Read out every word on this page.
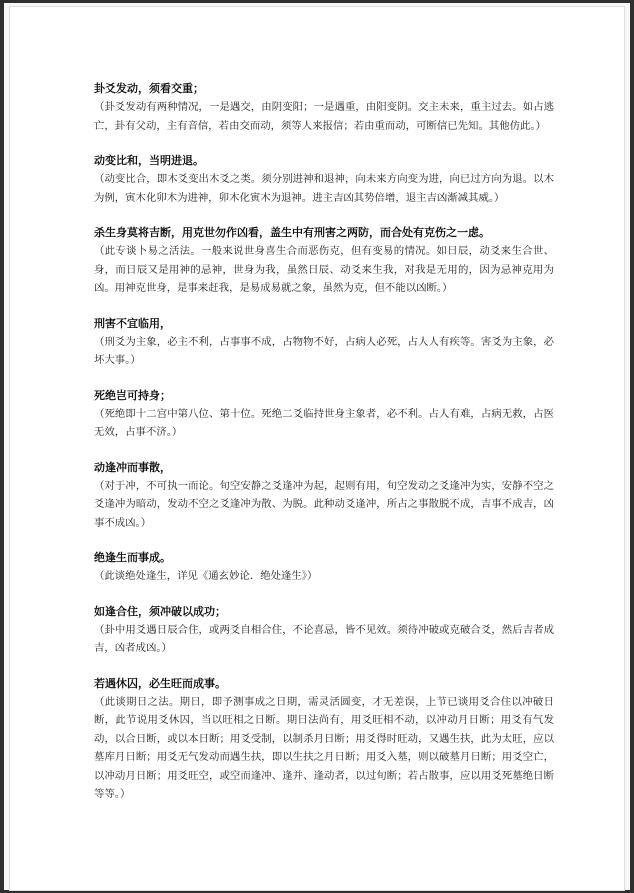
卦爻发动，须看交重；

（卦爻发动有两种情况，一是遇交，由阴变阳；一是遇重，由阳变阴。交主未来，重主过去。如占逃亡，卦有父动，主有音信，若由交而动，须等人来报信；若由重而动，可断信已先知。其他仿此。）

动变比和，当明进退。

（动变比合，即木爻变出木爻之类。须分别进神和退神，向未来方向变为进，向已过方向为退。以木为例，寅木化卯木为进神，卯木化寅木为退神。进主吉凶其势倍增，退主吉凶渐减其威。）

杀生身莫将吉断，用克世勿作凶看，盖生中有刑害之两防，而合处有克伤之一虑。

（此专谈卜易之活法。一般来说世身喜生合而恶伤克，但有变易的情况。如日辰，动爻来生合世、身，而日辰又是用神的忌神，世身为我，虽然日辰、动爻来生我，对我是无用的，因为忌神克用为凶。用神克世身，是事来赶我，是易成易就之象，虽然为克，但不能以凶断。）

刑害不宜临用，

（刑爻为主象，必主不利，占事事不成，占物物不好，占病人必死，占人人有疾等。害爻为主象，必坏大事。）

死绝岂可持身；

（死绝即十二宫中第八位、第十位。死绝二爻临持世身主象者，必不利。占人有难，占病无救，占医无效，占事不济。）

动逢冲而事散，

（对于冲，不可执一而论。旬空安静之爻逢冲为起，起则有用，旬空发动之爻逢冲为实，安静不空之爻逢冲为暗动，发动不空之爻逢冲为散、为脱。此种动爻逢冲，所占之事散脱不成，吉事不成吉，凶事不成凶。）

绝逢生而事成。

（此谈绝处逢生，详见《通玄妙论．绝处逢生》）

如逢合住，须冲破以成功；

（卦中用爻遇日辰合住，或两爻自相合住，不论喜忌，皆不见效。须待冲破或克破合爻，然后吉者成吉，凶者成凶。）

若遇休囚，必生旺而成事。

（此谈期日之法。期日，即予测事成之日期，需灵活圆变，才无差误，上节已谈用爻合住以冲破日断，此节说用爻休囚，当以旺相之日断。期日法尚有，用爻旺相不动，以冲动月日断；用爻有气发动，以合日断，或以本日断；用爻受制，以制杀月日断；用爻得时旺动，又遇生扶，此为太旺，应以墓库月日断；用爻无气发动而遇生扶，即以生扶之月日断；用爻入墓，则以破墓月日断；用爻空亡，以冲动月日断；用爻旺空，或空而逢冲、逢并、逢动者，以过旬断；若占散事，应以用爻死墓绝日断等等。）
